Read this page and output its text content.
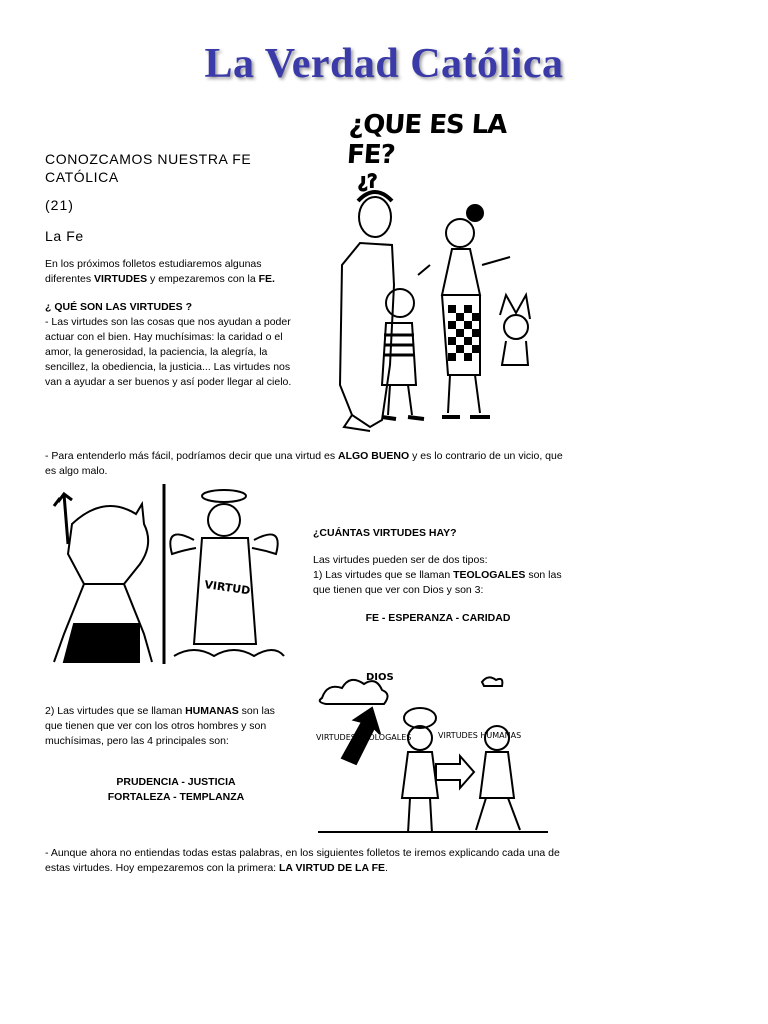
La Verdad Católica
CONOZCAMOS NUESTRA FE CATÓLICA
(21)
La Fe
En los próximos folletos estudiaremos algunas diferentes VIRTUDES y empezaremos con la FE.
¿ QUÉ SON LAS VIRTUDES ?
- Las virtudes son las cosas que nos ayudan a poder actuar con el bien. Hay muchísimas: la caridad o el amor, la generosidad, la paciencia, la alegría, la sencillez, la obediencia, la justicia... Las virtudes nos van a ayudar a ser buenos y así poder llegar al cielo.
¿QUE ES LA FE?
¿?
- Para entenderlo más fácil, podríamos decir que una virtud es ALGO BUENO y es lo contrario de un vicio, que es algo malo.
PECADO
VIRTUD
¿CUÁNTAS VIRTUDES HAY?
Las virtudes pueden ser de dos tipos:
1) Las virtudes que se llaman TEOLOGALES son las que tienen que ver con Dios y son 3:
FE - ESPERANZA - CARIDAD
2) Las virtudes que se llaman HUMANAS son las que tienen que ver con los otros hombres y son muchísimas, pero las 4 principales son:
PRUDENCIA - JUSTICIA
FORTALEZA - TEMPLANZA
DIOS
VIRTUDES TEOLOGALES	VIRTUDES HUMANAS
- Aunque ahora no entiendas todas estas palabras, en los siguientes folletos te iremos explicando cada una de estas virtudes. Hoy empezaremos con la primera: LA VIRTUD DE LA FE.
